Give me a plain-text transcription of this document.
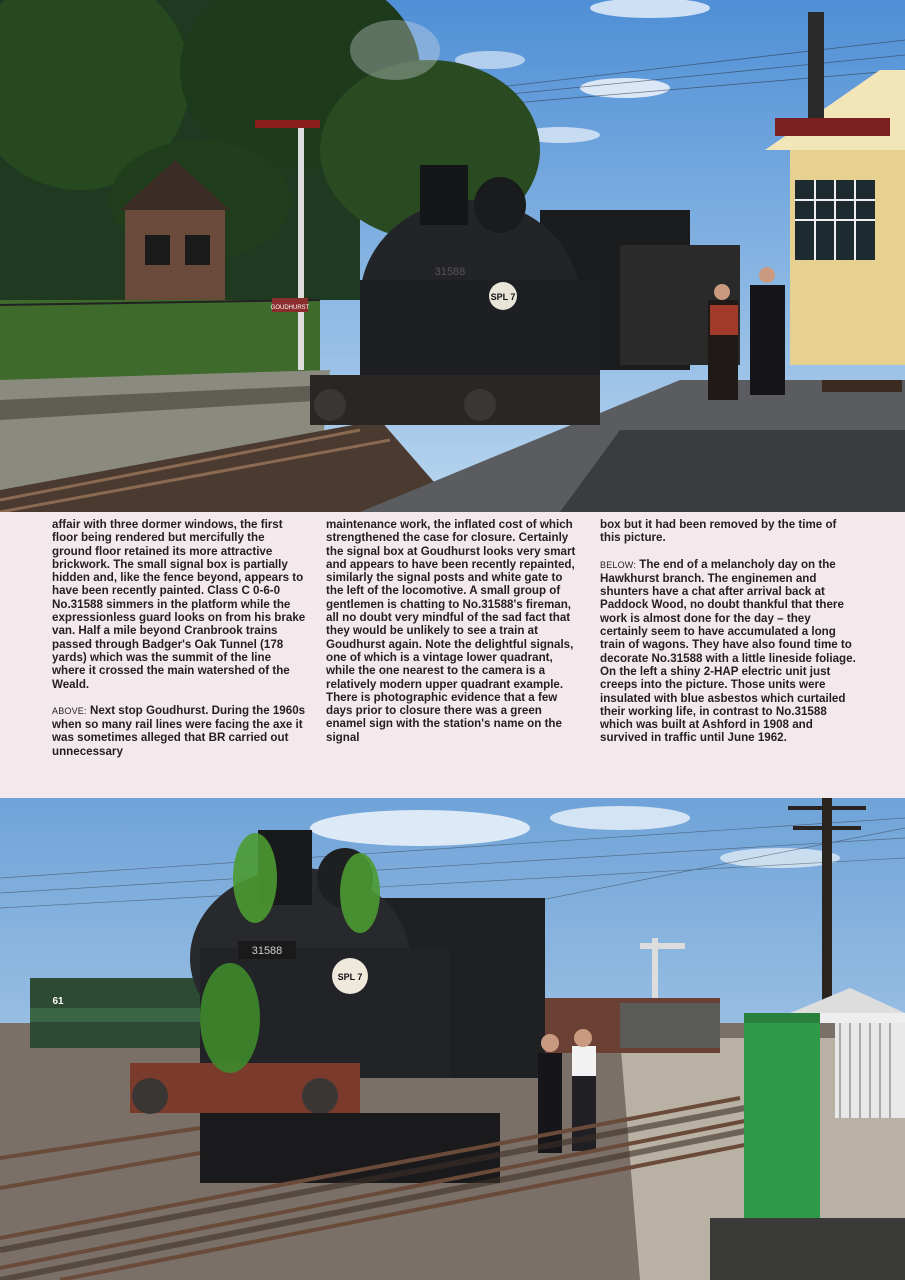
SPL 7
31588
GOUDHURST

affair with three dormer windows, the first floor being rendered but mercifully the ground floor retained its more attractive brickwork. The small signal box is partially hidden and, like the fence beyond, appears to have been recently painted. Class C 0-6-0 No.31588 simmers in the platform while the expressionless guard looks on from his brake van. Half a mile beyond Cranbrook trains passed through Badger's Oak Tunnel (178 yards) which was the summit of the line where it crossed the main watershed of the Weald.

ABOVE: Next stop Goudhurst. During the 1960s when so many rail lines were facing the axe it was sometimes alleged that BR carried out unnecessary

maintenance work, the inflated cost of which strengthened the case for closure. Certainly the signal box at Goudhurst looks very smart and appears to have been recently repainted, similarly the signal posts and white gate to the left of the locomotive. A small group of gentlemen is chatting to No.31588's fireman, all no doubt very mindful of the sad fact that they would be unlikely to see a train at Goudhurst again. Note the delightful signals, one of which is a vintage lower quadrant, while the one nearest to the camera is a relatively modern upper quadrant example. There is photographic evidence that a few days prior to closure there was a green enamel sign with the station's name on the signal

box but it had been removed by the time of this picture.

BELOW: The end of a melancholy day on the Hawkhurst branch. The enginemen and shunters have a chat after arrival back at Paddock Wood, no doubt thankful that there work is almost done for the day – they certainly seem to have accumulated a long train of wagons. They have also found time to decorate No.31588 with a little lineside foliage. On the left a shiny 2-HAP electric unit just creeps into the picture. Those units were insulated with blue asbestos which curtailed their working life, in contrast to No.31588 which was built at Ashford in 1908 and survived in traffic until June 1962.

61
SPL 7
31588
